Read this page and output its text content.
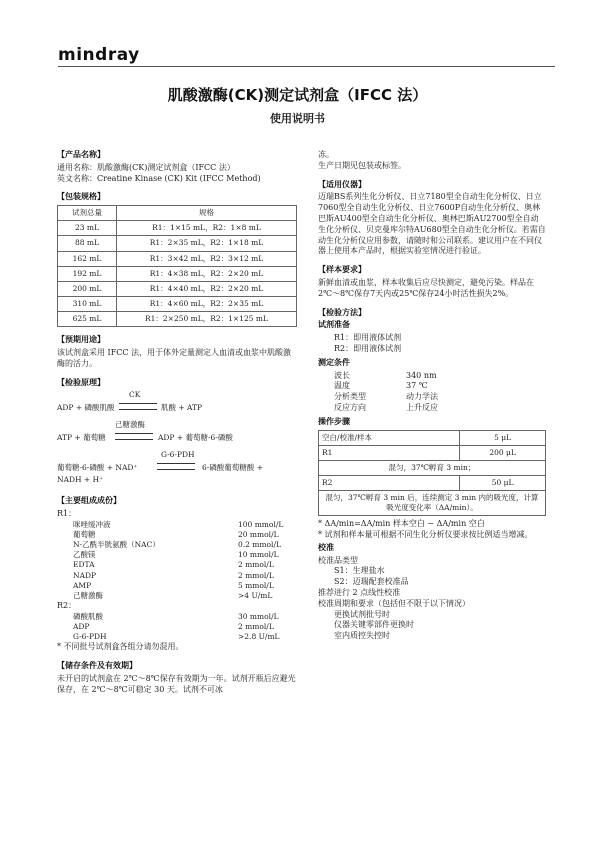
mindray
肌酸激酶(CK)测定试剂盒（IFCC 法）
使用说明书
【产品名称】

通用名称：肌酸激酶(CK)测定试剂盒（IFCC 法）

英文名称：Creatine Kinase (CK) Kit (IFCC Method)

【包装规格】
试剂总量	规格
23 mL	R1：1×15 mL，R2：1×8 mL
88 mL	R1：2×35 mL，R2：1×18 mL
162 mL	R1：3×42 mL，R2：3×12 mL
192 mL	R1：4×38 mL，R2：2×20 mL
200 mL	R1：4×40 mL，R2：2×20 mL
310 mL	R1：4×60 mL，R2：2×35 mL
625 mL	R1：2×250 mL，R2：1×125 mL
【预期用途】

该试剂盒采用 IFCC 法，用于体外定量测定人血清或血浆中肌酸激酶的活力。

【检验原理】
CK
ADP + 磷酸肌酸	肌酸 + ATP
己糖激酶
ATP + 葡萄糖	ADP + 葡萄糖-6-磷酸
G-6-PDH
葡萄糖-6-磷酸 + NAD⁺	6-磷酸葡萄糖酸 +
NADH + H⁺
【主要组成成份】

R1：

咪唑缓冲液	100 mmol/L
葡萄糖	20 mmol/L
N-乙酰半胱氨酸（NAC）	0.2 mmol/L
乙酸镁	10 mmol/L
EDTA	2 mmol/L
NADP	2 mmol/L
AMP	5 mmol/L
己糖激酶	>4 U/mL

R2：

磷酸肌酸	30 mmol/L
ADP	2 mmol/L
G-6-PDH	>2.8 U/mL

* 不同批号试剂盒各组分请勿混用。

【储存条件及有效期】

未开启的试剂盒在 2℃～8℃保存有效期为一年。试剂开瓶后应避光保存，在 2℃～8℃可稳定 30 天。试剂不可冰

冻。

生产日期见包装或标签。

【适用仪器】

迈瑞BS系列生化分析仪、日立7180型全自动生化分析仪、日立7060型全自动生化分析仪、日立7600P自动生化分析仪、奥林巴斯AU400型全自动生化分析仪、奥林巴斯AU2700型全自动生化分析仪、贝克曼库尔特AU680型全自动生化分析仪。若需自动生化分析仪应用参数，请随时和公司联系。建议用户在不同仪器上使用本产品时，根据实验室情况进行验证。

【样本要求】

新鲜血清或血浆，样本收集后应尽快测定，避免污染。样品在2℃～8℃保存7天内或25℃保存24小时活性损失2%。

【检验方法】
试剂准备

R1：即用液体试剂

R2：即用液体试剂

测定条件
波长	340 nm
温度	37 ℃
分析类型	动力学法
反应方向	上升反应
操作步骤
空白/校准/样本	5 μL
R1	200 μL
混匀，37℃孵育 3 min；	
R2	50 μL
混匀，37℃孵育 3 min 后，连续测定 3 min 内的吸光度，计算吸光度变化率（ΔA/min）。	

* ΔA/min=ΔA/min 样本空白 − ΔA/min 空白

* 试剂和样本量可根据不同生化分析仪要求按比例适当增减。

校准

校准品类型

S1：生理盐水

S2：迈瑞配套校准品

推荐进行 2 点线性校准

校准周期和要求（包括但不限于以下情况）

更换试剂批号时

仪器关键零部件更换时

室内质控失控时
